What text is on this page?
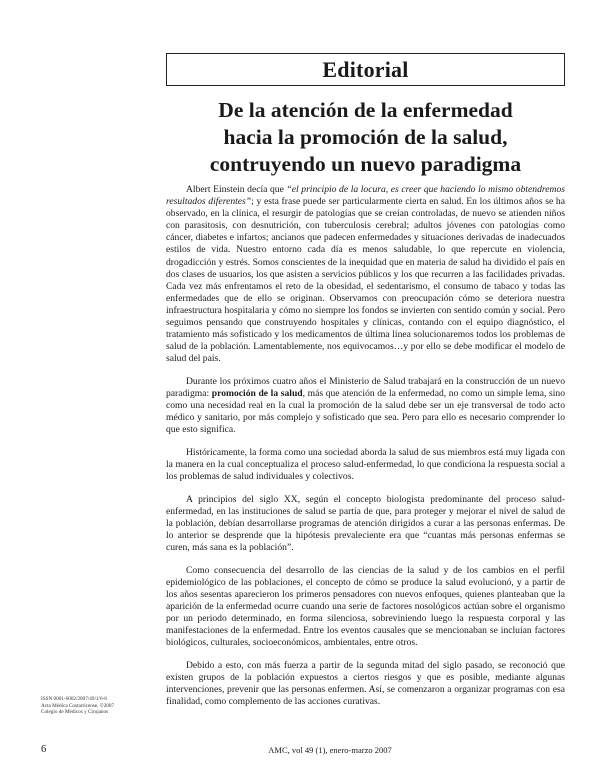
Editorial
De la atención de la enfermedad
hacia la promoción de la salud,
contruyendo un nuevo paradigma

Albert Einstein decía que “el principio de la locura, es creer que haciendo lo mismo obtendremos resultados diferentes”; y esta frase puede ser particularmente cierta en salud. En los últimos años se ha observado, en la clínica, el resurgir de patologías que se creían controladas, de nuevo se atienden niños con parasitosis, con desnutrición, con tuberculosis cerebral; adultos jóvenes con patologías como cáncer, diabetes e infartos; ancianos que padecen enfermedades y situaciones derivadas de inadecuados estilos de vida. Nuestro entorno cada día es menos saludable, lo que repercute en violencia, drogadicción y estrés. Somos conscientes de la inequidad que en materia de salud ha dividido el país en dos clases de usuarios, los que asisten a servicios públicos y los que recurren a las facilidades privadas. Cada vez más enfrentamos el reto de la obesidad, el sedentarismo, el consumo de tabaco y todas las enfermedades que de ello se originan. Observamos con preocupación cómo se deteriora nuestra infraestructura hospitalaria y cómo no siempre los fondos se invierten con sentido común y social. Pero seguimos pensando que construyendo hospitales y clínicas, contando con el equipo diagnóstico, el tratamiento más sofisticado y los medicamentos de última línea solucionaremos todos los problemas de salud de la población. Lamentablemente, nos equivocamos…y por ello se debe modificar el modelo de salud del país.

Durante los próximos cuatro años el Ministerio de Salud trabajará en la construcción de un nuevo paradigma: promoción de la salud, más que atención de la enfermedad, no como un simple lema, sino como una necesidad real en la cual la promoción de la salud debe ser un eje transversal de todo acto médico y sanitario, por más complejo y sofisticado que sea. Pero para ello es necesario comprender lo que esto significa.

Históricamente, la forma como una sociedad aborda la salud de sus miembros está muy ligada con la manera en la cual conceptualiza el proceso salud-enfermedad, lo que condiciona la respuesta social a los problemas de salud individuales y colectivos.

A principios del siglo XX, según el concepto biologista predominante del proceso salud-enfermedad, en las instituciones de salud se partía de que, para proteger y mejorar el nivel de salud de la población, debían desarrollarse programas de atención dirigidos a curar a las personas enfermas. De lo anterior se desprende que la hipótesis prevaleciente era que “cuantas más personas enfermas se curen, más sana es la población”.

Como consecuencia del desarrollo de las ciencias de la salud y de los cambios en el perfil epidemiológico de las poblaciones, el concepto de cómo se produce la salud evolucionó, y a partir de los años sesentas aparecieron los primeros pensadores con nuevos enfoques, quienes planteaban que la aparición de la enfermedad ocurre cuando una serie de factores nosológicos actúan sobre el organismo por un periodo determinado, en forma silenciosa, sobreviniendo luego la respuesta corporal y las manifestaciones de la enfermedad. Entre los eventos causales que se mencionaban se incluían factores biológicos, culturales, socioeconómicos, ambientales, entre otros.

Debido a esto, con más fuerza a partir de la segunda mitad del siglo pasado, se reconoció que existen grupos de la población expuestos a ciertos riesgos y que es posible, mediante algunas intervenciones, prevenir que las personas enfermen. Así, se comenzaron a organizar programas con esa finalidad, como complemento de las acciones curativas.

ISSN 0001-6002/2007/49/1/6-8
Acta Médica Costarricense, ©2007
Colegio de Médicos y Cirujanos
6	AMC, vol 49 (1), enero-marzo 2007
